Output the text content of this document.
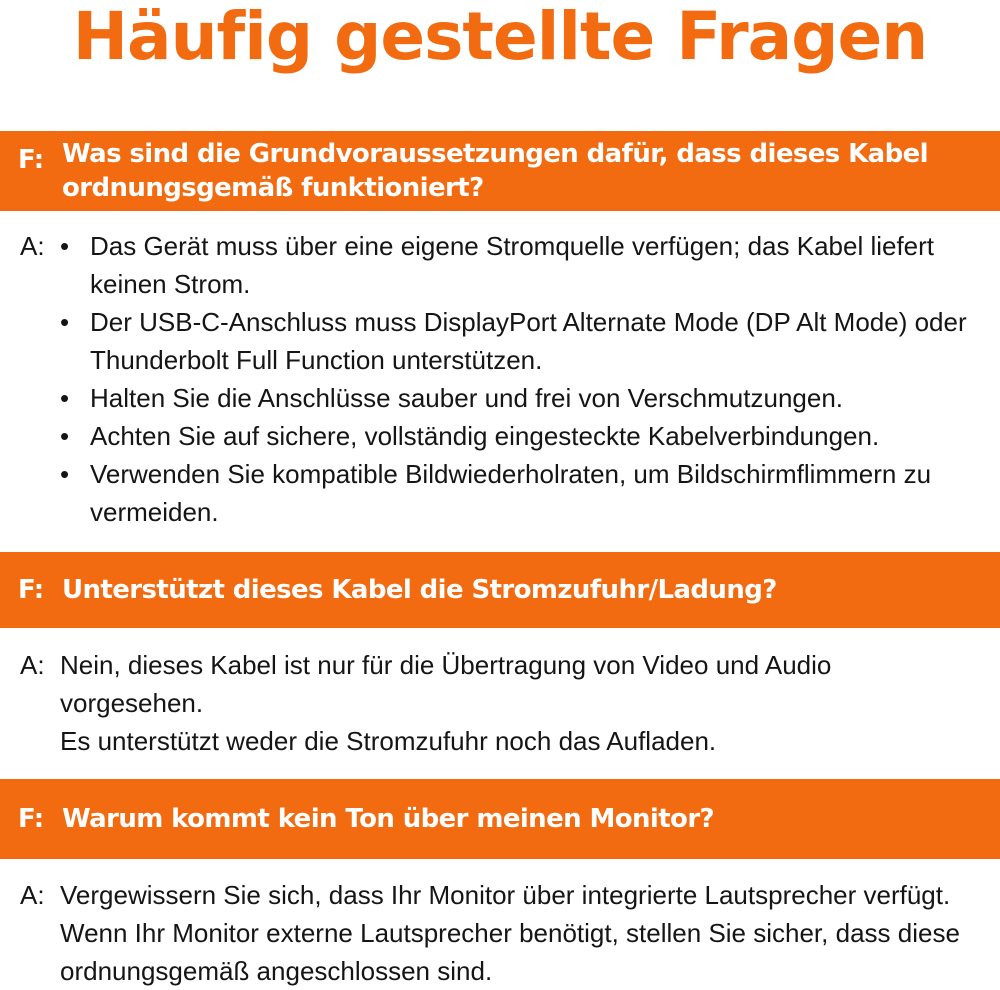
Häufig gestellte Fragen
F: Was sind die Grundvoraussetzungen dafür, dass dieses Kabel ordnungsgemäß funktioniert?
A: • Das Gerät muss über eine eigene Stromquelle verfügen; das Kabel liefert keinen Strom.
• Der USB-C-Anschluss muss DisplayPort Alternate Mode (DP Alt Mode) oder Thunderbolt Full Function unterstützen.
• Halten Sie die Anschlüsse sauber und frei von Verschmutzungen.
• Achten Sie auf sichere, vollständig eingesteckte Kabelverbindungen.
• Verwenden Sie kompatible Bildwiederholraten, um Bildschirmflimmern zu vermeiden.
F: Unterstützt dieses Kabel die Stromzufuhr/Ladung?
A: Nein, dieses Kabel ist nur für die Übertragung von Video und Audio vorgesehen.
Es unterstützt weder die Stromzufuhr noch das Aufladen.
F: Warum kommt kein Ton über meinen Monitor?
A: Vergewissern Sie sich, dass Ihr Monitor über integrierte Lautsprecher verfügt. Wenn Ihr Monitor externe Lautsprecher benötigt, stellen Sie sicher, dass diese ordnungsgemäß angeschlossen sind.
